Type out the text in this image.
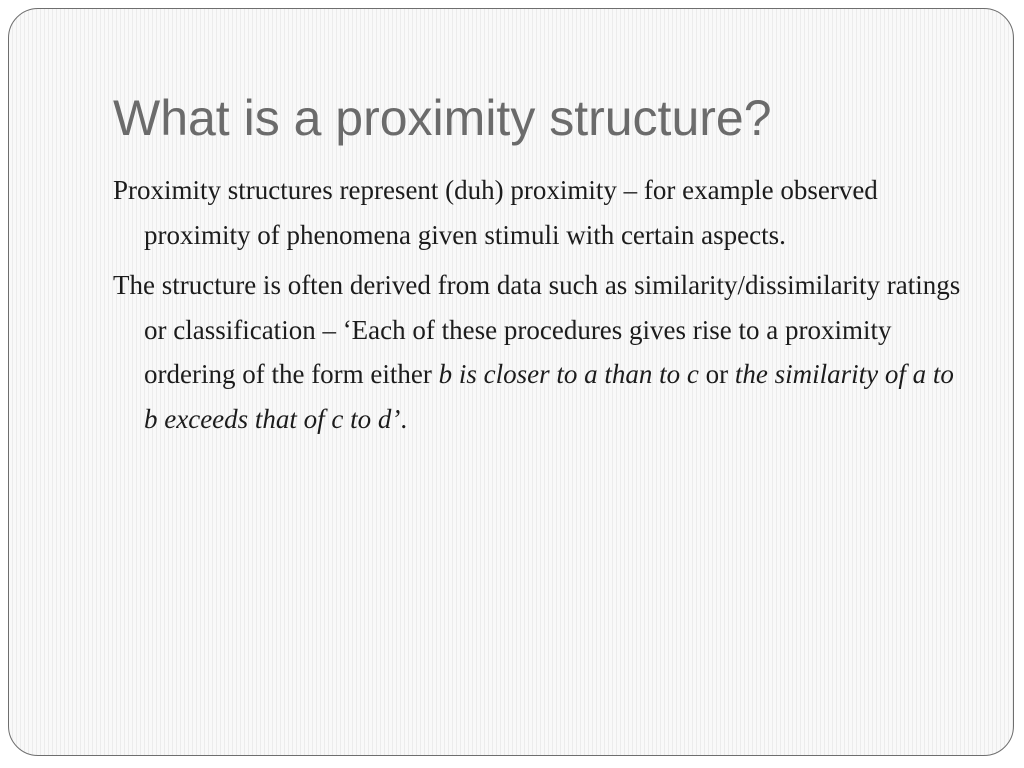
What is a proximity structure?

Proximity structures represent (duh) proximity – for example observed proximity of phenomena given stimuli with certain aspects.

The structure is often derived from data such as similarity/dissimilarity ratings or classification – ‘Each of these procedures gives rise to a proximity ordering of the form either b is closer to a than to c or the similarity of a to b exceeds that of c to d’.
